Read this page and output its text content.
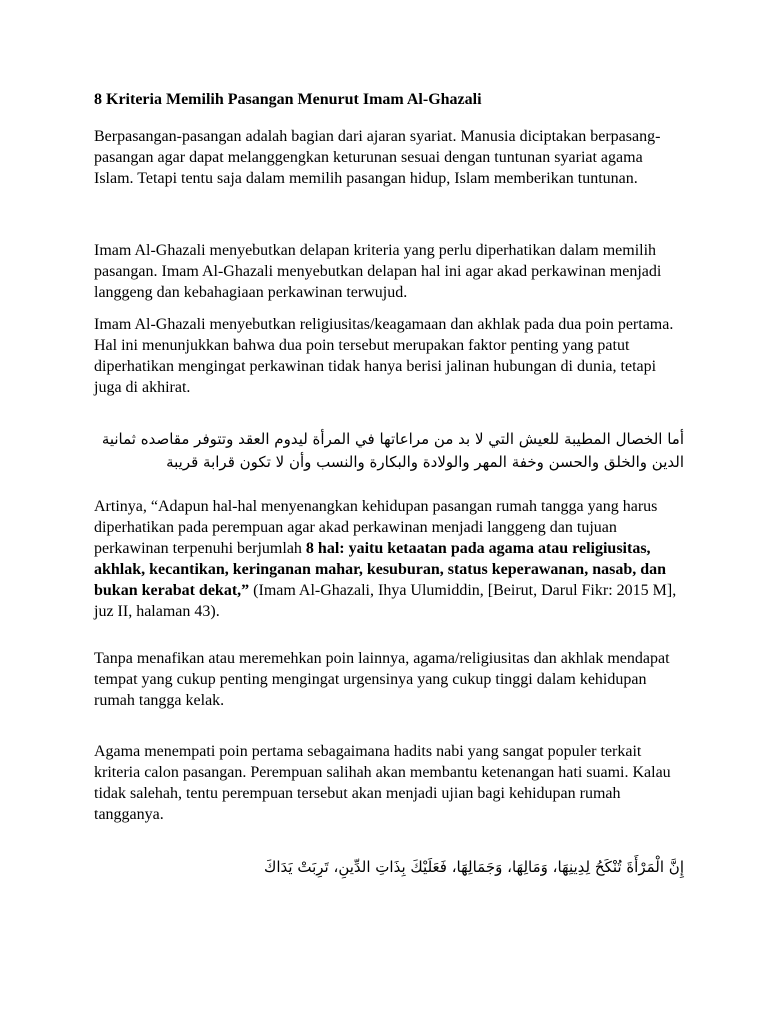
8 Kriteria Memilih Pasangan Menurut Imam Al-Ghazali

Berpasangan-pasangan adalah bagian dari ajaran syariat. Manusia diciptakan berpasang-pasangan agar dapat melanggengkan keturunan sesuai dengan tuntunan syariat agama Islam. Tetapi tentu saja dalam memilih pasangan hidup, Islam memberikan tuntunan.

Imam Al-Ghazali menyebutkan delapan kriteria yang perlu diperhatikan dalam memilih pasangan. Imam Al-Ghazali menyebutkan delapan hal ini agar akad perkawinan menjadi langgeng dan kebahagiaan perkawinan terwujud.

Imam Al-Ghazali menyebutkan religiusitas/keagamaan dan akhlak pada dua poin pertama. Hal ini menunjukkan bahwa dua poin tersebut merupakan faktor penting yang patut diperhatikan mengingat perkawinan tidak hanya berisi jalinan hubungan di dunia, tetapi juga di akhirat.

أما الخصال المطيبة للعيش التي لا بد من مراعاتها في المرأة ليدوم العقد وتتوفر مقاصده ثمانية الدين والخلق والحسن وخفة المهر والولادة والبكارة والنسب وأن لا تكون قرابة قريبة

Artinya, “Adapun hal-hal menyenangkan kehidupan pasangan rumah tangga yang harus diperhatikan pada perempuan agar akad perkawinan menjadi langgeng dan tujuan perkawinan terpenuhi berjumlah 8 hal: yaitu ketaatan pada agama atau religiusitas, akhlak, kecantikan, keringanan mahar, kesuburan, status keperawanan, nasab, dan bukan kerabat dekat,” (Imam Al-Ghazali, Ihya Ulumiddin, [Beirut, Darul Fikr: 2015 M], juz II, halaman 43).

Tanpa menafikan atau meremehkan poin lainnya, agama/religiusitas dan akhlak mendapat tempat yang cukup penting mengingat urgensinya yang cukup tinggi dalam kehidupan rumah tangga kelak.

Agama menempati poin pertama sebagaimana hadits nabi yang sangat populer terkait kriteria calon pasangan. Perempuan salihah akan membantu ketenangan hati suami. Kalau tidak salehah, tentu perempuan tersebut akan menjadi ujian bagi kehidupan rumah tangganya.

إِنَّ الْمَرْأَةَ تُنْكَحُ لِدِينِهَا، وَمَالِهَا، وَجَمَالِهَا، فَعَلَيْكَ بِذَاتِ الدِّينِ، تَرِبَتْ يَدَاكَ
